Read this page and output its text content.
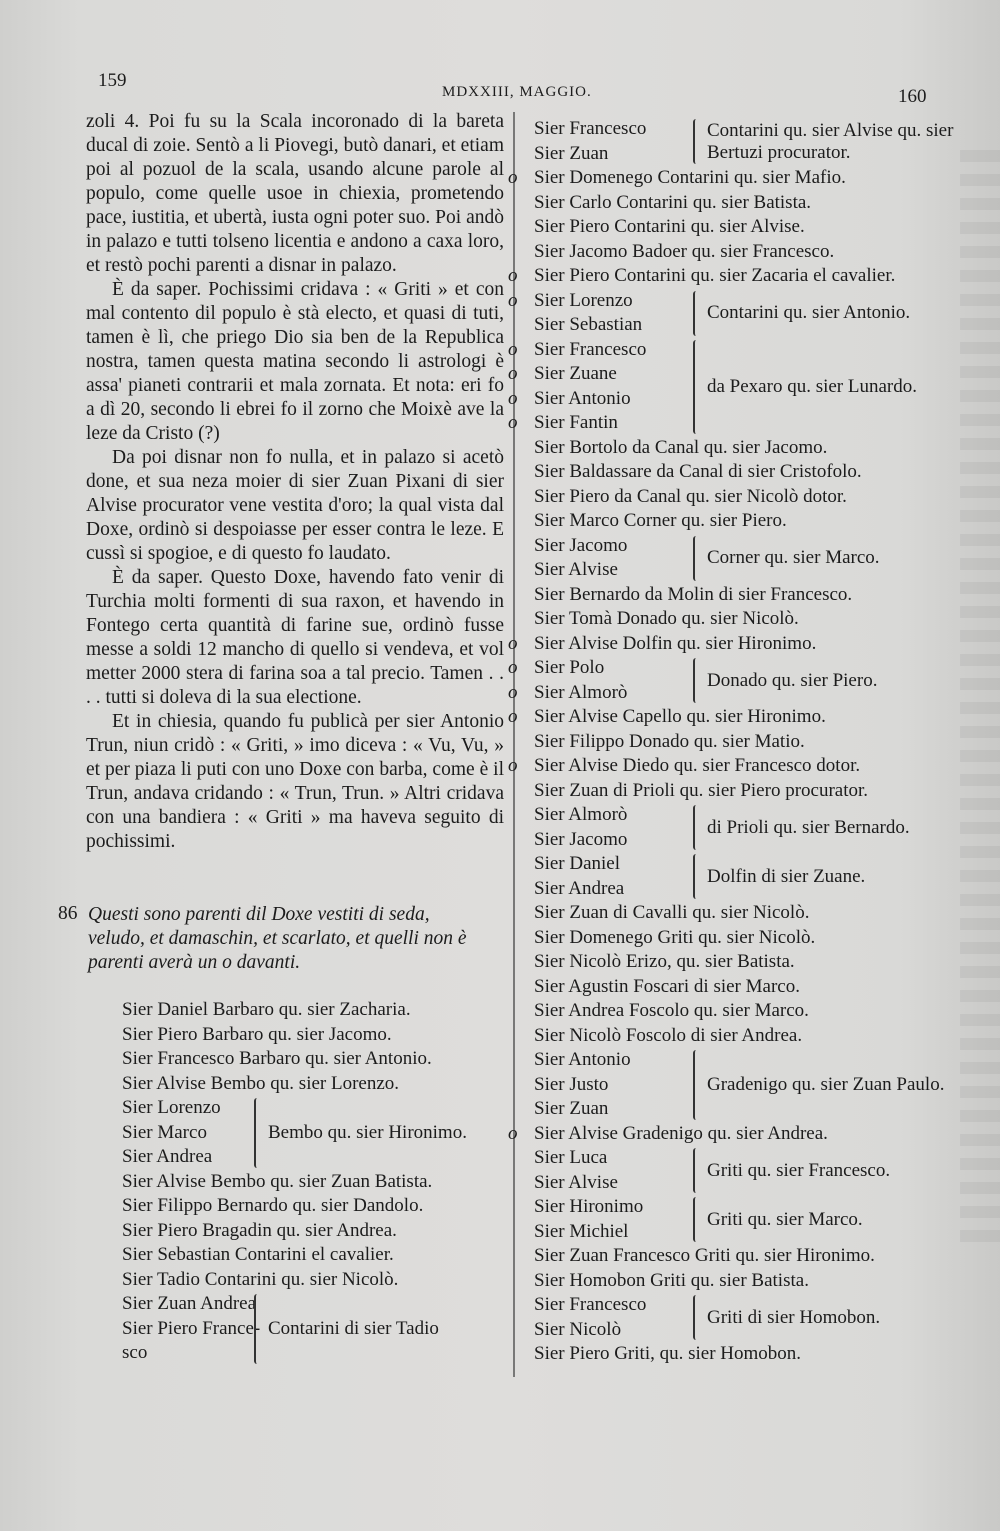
159
MDXXIII, MAGGIO.	160

zoli 4. Poi fu su la Scala incoronado di la bareta ducal di zoie. Sentò a li Piovegi, butò danari, et etiam poi al pozuol de la scala, usando alcune parole al populo, come quelle usoe in chiexia, prometendo pace, iustitia, et ubertà, iusta ogni poter suo. Poi andò in palazo e tutti tolseno licentia e andono a caxa loro, et restò pochi parenti a disnar in palazo.

È da saper. Pochissimi cridava : « Griti » et con mal contento dil populo è stà electo, et quasi di tuti, tamen è lì, che priego Dio sia ben de la Republica nostra, tamen questa matina secondo li astrologi è assa' pianeti contrarii et mala zornata. Et nota: eri fo a dì 20, secondo li ebrei fo il zorno che Moixè ave la leze da Cristo (?)

Da poi disnar non fo nulla, et in palazo si acetò done, et sua neza moier di sier Zuan Pixani di sier Alvise procurator vene vestita d'oro; la qual vista dal Doxe, ordinò si despoiasse per esser contra le leze. E cussì si spogioe, e di questo fo laudato.

È da saper. Questo Doxe, havendo fato venir di Turchia molti formenti di sua raxon, et havendo in Fontego certa quantità di farine sue, ordinò fusse messe a soldi 12 mancho di quello si vendeva, et vol metter 2000 stera di farina soa a tal precio. Tamen . . . . tutti si doleva di la sua electione.

Et in chiesia, quando fu publicà per sier Antonio Trun, niun cridò : « Griti, » imo diceva : « Vu, Vu, » et per piaza li puti con uno Doxe con barba, come è il Trun, andava cridando : « Trun, Trun. » Altri cridava con una bandiera : « Griti » ma haveva seguito di pochissimi.

86 Questi sono parenti dil Doxe vestiti di seda, veludo, et damaschin, et scarlato, et quelli non è parenti averà un o davanti.
Sier Daniel Barbaro qu. sier Zacharia.
Sier Piero Barbaro qu. sier Jacomo.
Sier Francesco Barbaro qu. sier Antonio.
Sier Alvise Bembo qu. sier Lorenzo.
Sier Lorenzo
Sier Marco
Sier Andrea
Bembo qu. sier Hironimo.
Sier Alvise Bembo qu. sier Zuan Batista.
Sier Filippo Bernardo qu. sier Dandolo.
Sier Piero Bragadin qu. sier Andrea.
Sier Sebastian Contarini el cavalier.
Sier Tadio Contarini qu. sier Nicolò.
Sier Zuan Andrea
Sier Piero France-
sco
Contarini di sier Tadio
Sier Francesco
Sier Zuan
Contarini qu. sier Alvise qu. sier Bertuzi procurator.
o Sier Domenego Contarini qu. sier Mafio.
Sier Carlo Contarini qu. sier Batista.
Sier Piero Contarini qu. sier Alvise.
Sier Jacomo Badoer qu. sier Francesco.
o Sier Piero Contarini qu. sier Zacaria el cavalier.
o Sier Lorenzo
Sier Sebastian
Contarini qu. sier Antonio.
o Sier Francesco
o Sier Zuane
o Sier Antonio
o Sier Fantin
da Pexaro qu. sier Lunardo.
Sier Bortolo da Canal qu. sier Jacomo.
Sier Baldassare da Canal di sier Cristofolo.
Sier Piero da Canal qu. sier Nicolò dotor.
Sier Marco Corner qu. sier Piero.
Sier Jacomo
Sier Alvise
Corner qu. sier Marco.
Sier Bernardo da Molin di sier Francesco.
Sier Tomà Donado qu. sier Nicolò.
o Sier Alvise Dolfin qu. sier Hironimo.
o Sier Polo
o Sier Almorò
Donado qu. sier Piero.
o Sier Alvise Capello qu. sier Hironimo.
Sier Filippo Donado qu. sier Matio.
o Sier Alvise Diedo qu. sier Francesco dotor.
Sier Zuan di Prioli qu. sier Piero procurator.
Sier Almorò
Sier Jacomo
di Prioli qu. sier Bernardo.
Sier Daniel
Sier Andrea
Dolfin di sier Zuane.
Sier Zuan di Cavalli qu. sier Nicolò.
Sier Domenego Griti qu. sier Nicolò.
Sier Nicolò Erizo, qu. sier Batista.
Sier Agustin Foscari di sier Marco.
Sier Andrea Foscolo qu. sier Marco.
Sier Nicolò Foscolo di sier Andrea.
Sier Antonio
Sier Justo
Sier Zuan
Gradenigo qu. sier Zuan Paulo.
o Sier Alvise Gradenigo qu. sier Andrea.
Sier Luca
Sier Alvise
Griti qu. sier Francesco.
Sier Hironimo
Sier Michiel
Griti qu. sier Marco.
Sier Zuan Francesco Griti qu. sier Hironimo.
Sier Homobon Griti qu. sier Batista.
Sier Francesco
Sier Nicolò
Griti di sier Homobon.
Sier Piero Griti, qu. sier Homobon.
